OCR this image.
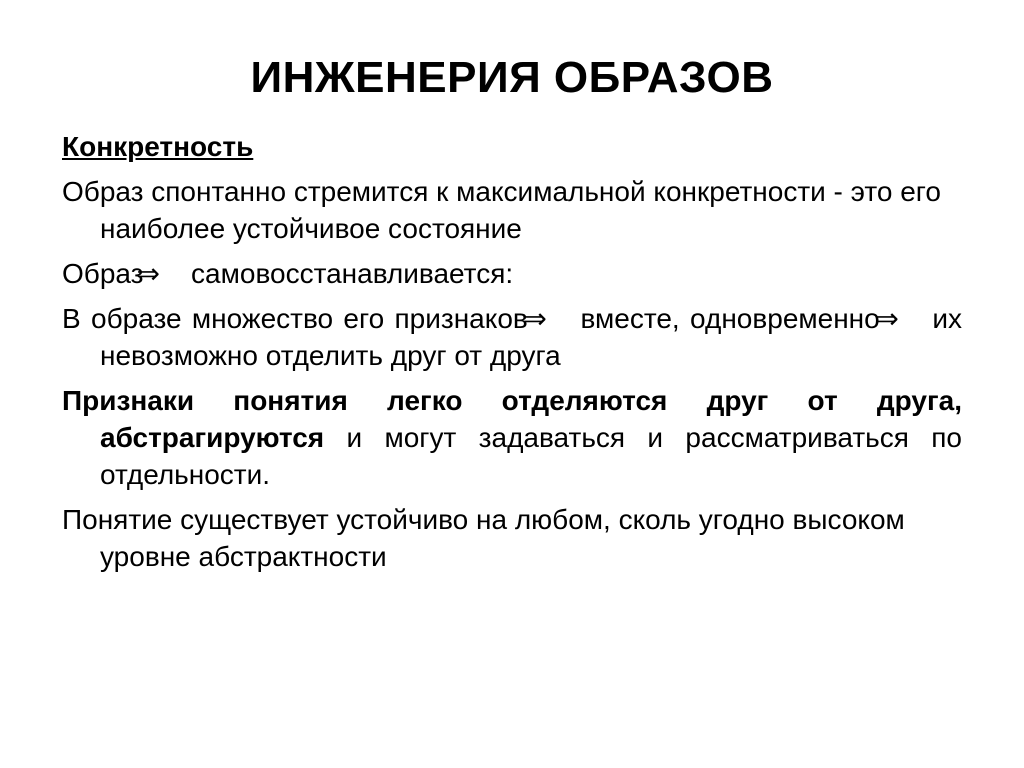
ИНЖЕНЕРИЯ ОБРАЗОВ
Конкретность
Образ спонтанно стремится к максимальной конкретности - это его наиболее устойчивое состояние
Образ ⇒ самовосстанавливается:
В образе множество его признаков ⇒ вместе, одновременно ⇒ их невозможно отделить друг от друга
Признаки понятия легко отделяются друг от друга, абстрагируются и могут задаваться и рассматриваться по отдельности.
Понятие существует устойчиво на любом, сколь угодно высоком уровне абстрактности
